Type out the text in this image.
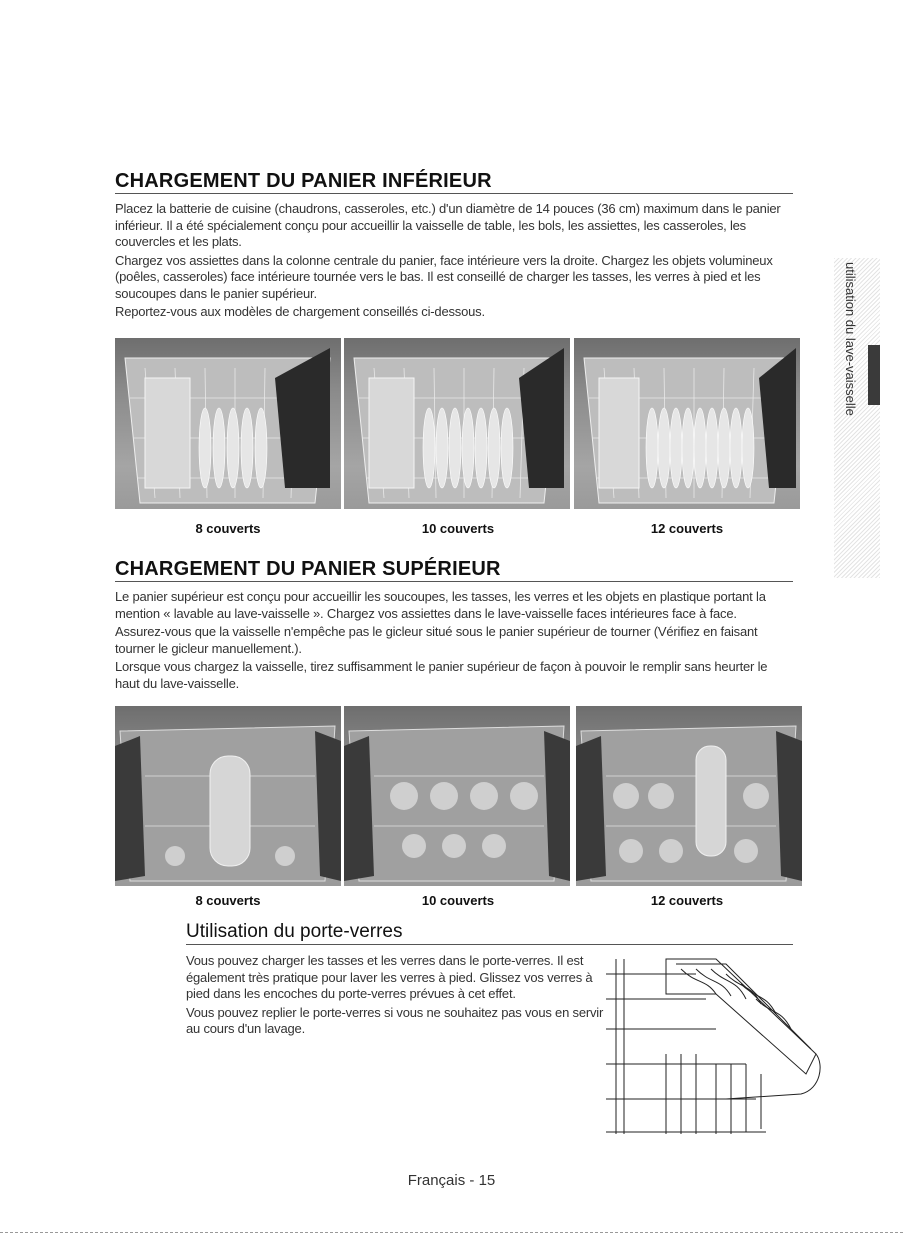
utilisation du lave-vaisselle
CHARGEMENT DU PANIER INFÉRIEUR

Placez la batterie de cuisine (chaudrons, casseroles, etc.) d'un diamètre de 14 pouces (36 cm) maximum dans le panier inférieur. Il a été spécialement conçu pour accueillir la vaisselle de table, les bols, les assiettes, les casseroles, les couvercles et les plats.

Chargez vos assiettes dans la colonne centrale du panier, face intérieure vers la droite. Chargez les objets volumineux (poêles, casseroles) face intérieure tournée vers le bas. Il est conseillé de charger les tasses, les verres à pied et les soucoupes dans le panier supérieur.

Reportez-vous aux modèles de chargement conseillés ci-dessous.

8 couverts	10 couverts	12 couverts

CHARGEMENT DU PANIER SUPÉRIEUR

Le panier supérieur est conçu pour accueillir les soucoupes, les tasses, les verres et les objets en plastique portant la mention « lavable au lave-vaisselle ». Chargez vos assiettes dans le lave-vaisselle faces intérieures face à face.

Assurez-vous que la vaisselle n'empêche pas le gicleur situé sous le panier supérieur de tourner (Vérifiez en faisant tourner le gicleur manuellement.).

Lorsque vous chargez la vaisselle, tirez suffisamment le panier supérieur de façon à pouvoir le remplir sans heurter le haut du lave-vaisselle.

8 couverts	10 couverts	12 couverts

Utilisation du porte-verres

Vous pouvez charger les tasses et les verres dans le porte-verres. Il est également très pratique pour laver les verres à pied. Glissez vos verres à pied dans les encoches du porte-verres prévues à cet effet.

Vous pouvez replier le porte-verres si vous ne souhaitez pas vous en servir au cours d'un lavage.

Français - 15
